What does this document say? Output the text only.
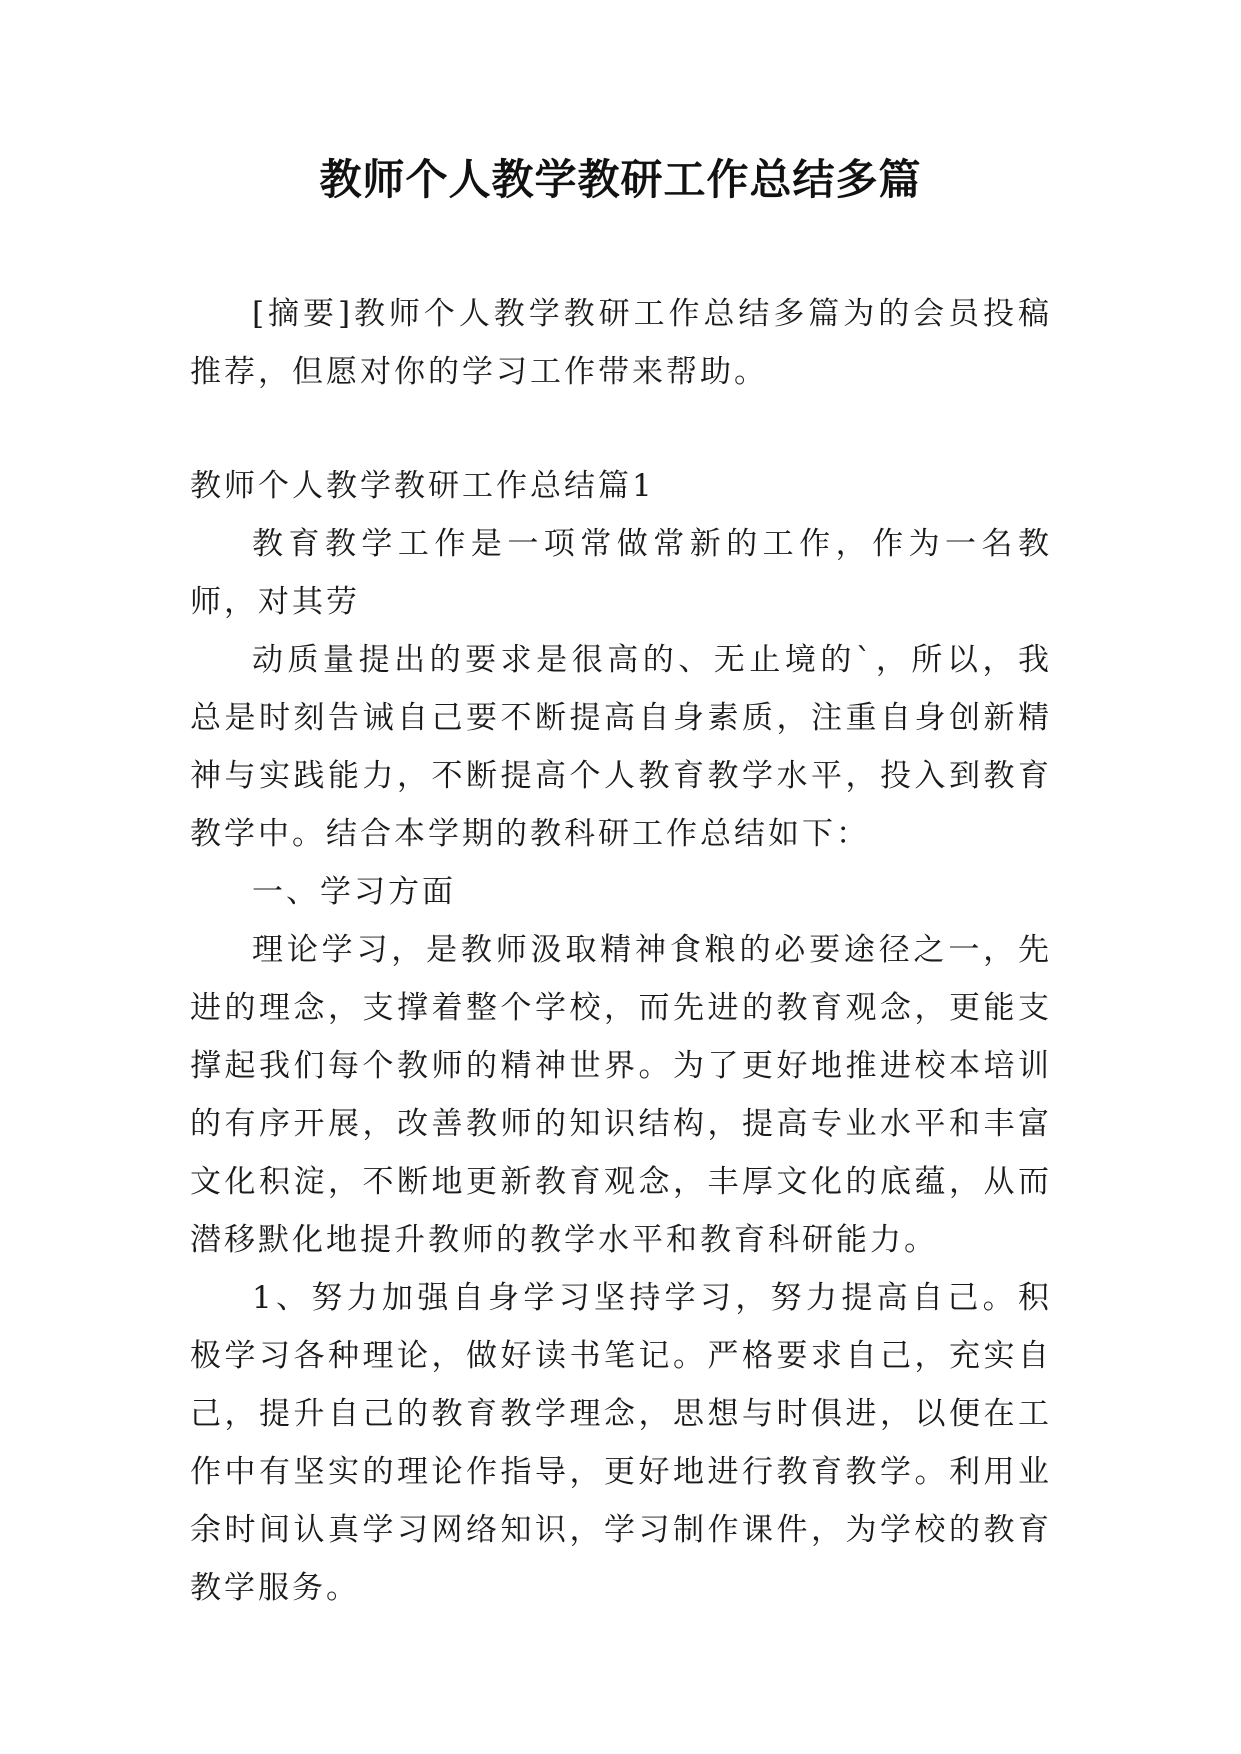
教师个人教学教研工作总结多篇

[摘要]教师个人教学教研工作总结多篇为的会员投稿推荐，但愿对你的学习工作带来帮助。

教师个人教学教研工作总结篇1

教育教学工作是一项常做常新的工作，作为一名教师，对其劳

动质量提出的要求是很高的、无止境的`，所以，我总是时刻告诫自己要不断提高自身素质，注重自身创新精神与实践能力，不断提高个人教育教学水平，投入到教育教学中。结合本学期的教科研工作总结如下：

一、学习方面

理论学习，是教师汲取精神食粮的必要途径之一，先进的理念，支撑着整个学校，而先进的教育观念，更能支撑起我们每个教师的精神世界。为了更好地推进校本培训的有序开展，改善教师的知识结构，提高专业水平和丰富文化积淀，不断地更新教育观念，丰厚文化的底蕴，从而潜移默化地提升教师的教学水平和教育科研能力。

1、努力加强自身学习坚持学习，努力提高自己。积极学习各种理论，做好读书笔记。严格要求自己，充实自己，提升自己的教育教学理念，思想与时俱进，以便在工作中有坚实的理论作指导，更好地进行教育教学。利用业余时间认真学习网络知识，学习制作课件，为学校的教育教学服务。
